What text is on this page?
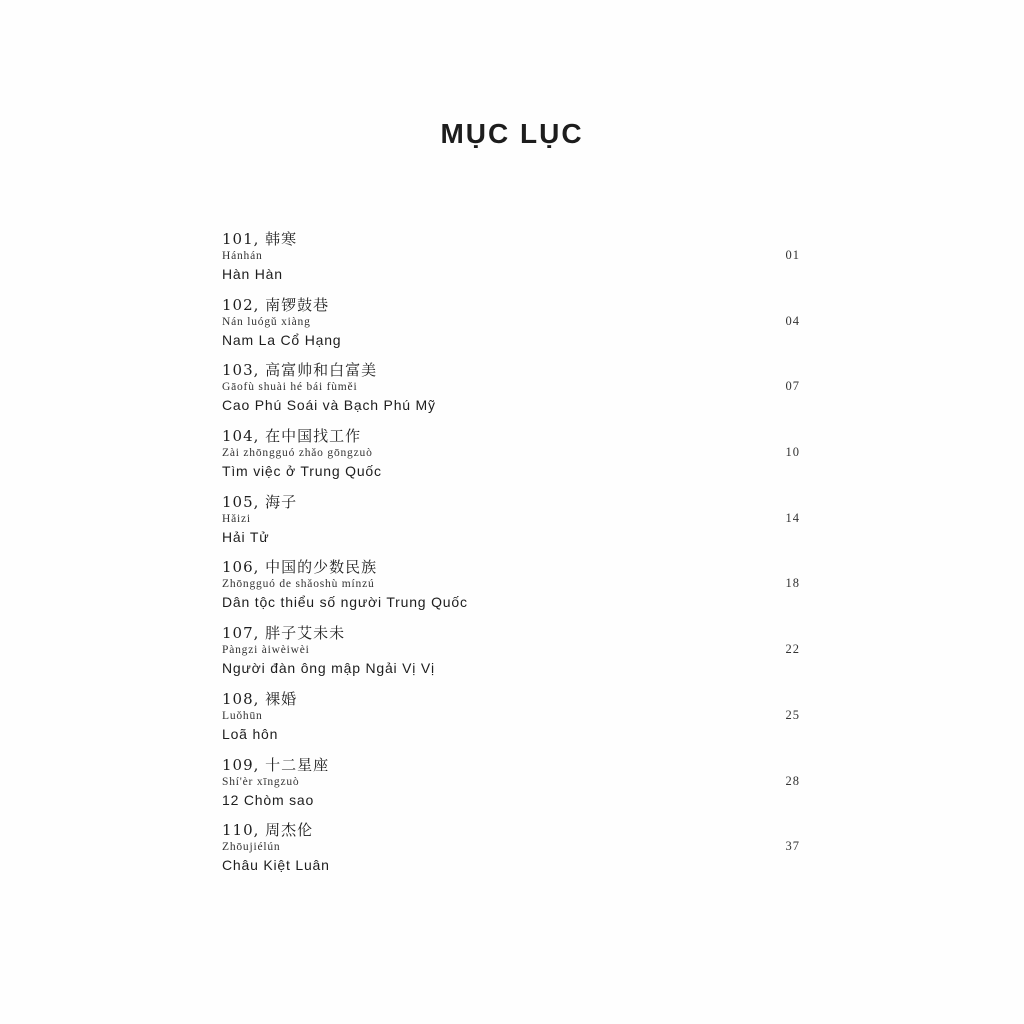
MỤC LỤC
101, 韩寒
Hánhán
Hàn Hàn
01
102, 南锣鼓巷
Nán luógǔ xiàng
Nam La Cổ Hạng
04
103, 高富帅和白富美
Gāofù shuài hé bái fùměi
Cao Phú Soái và Bạch Phú Mỹ
07
104, 在中国找工作
Zài zhōngguó zhǎo gōngzuò
Tìm việc ở Trung Quốc
10
105, 海子
Hǎizi
Hải Tử
14
106, 中国的少数民族
Zhōngguó de shǎoshù mínzú
Dân tộc thiểu số người Trung Quốc
18
107, 胖子艾未未
Pàngzi àiwèiwèi
Người đàn ông mập Ngải Vị Vị
22
108, 裸婚
Luǒhūn
Loã hôn
25
109, 十二星座
Shí'èr xīngzuò
12 Chòm sao
28
110, 周杰伦
Zhōujiélún
Châu Kiệt Luân
37
